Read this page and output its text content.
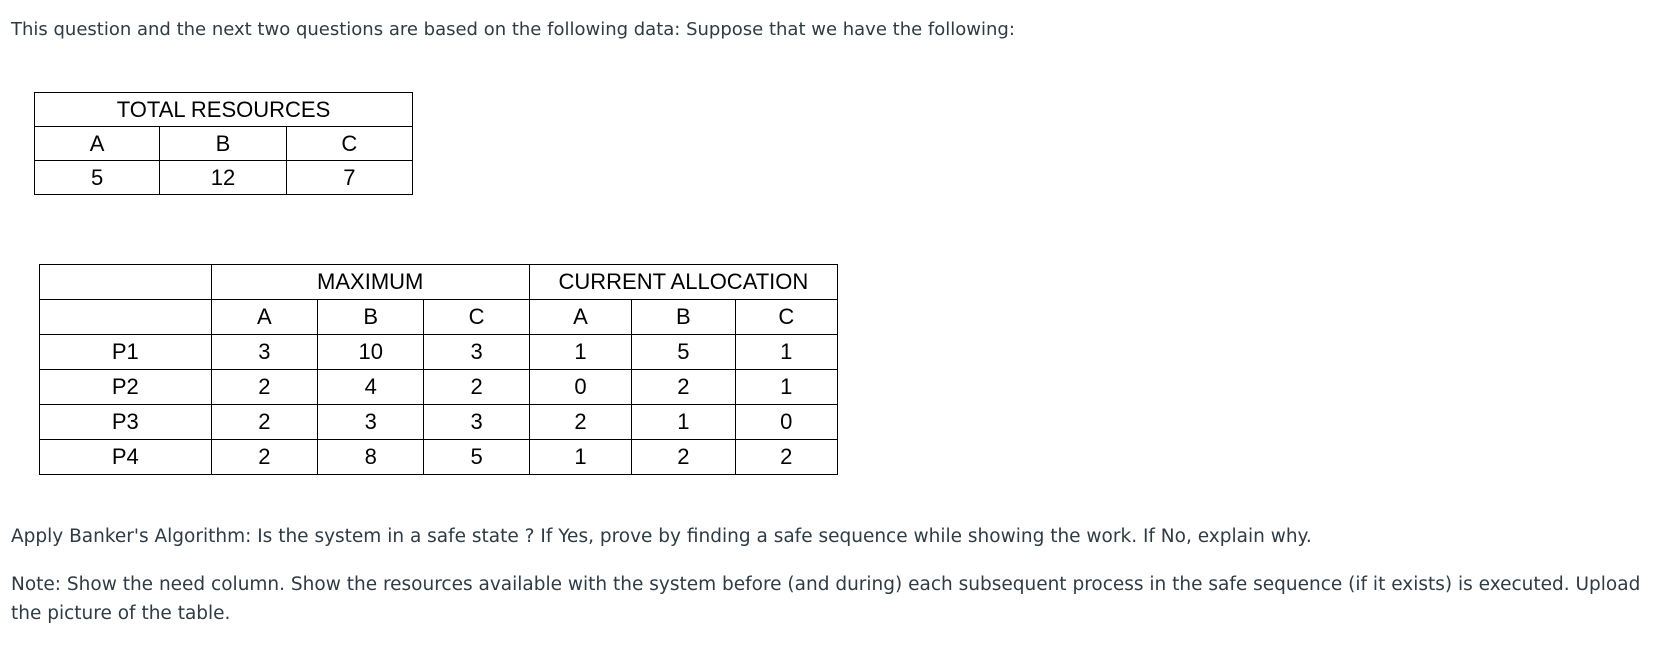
This question and the next two questions are based on the following data: Suppose that we have the following:

TOTAL RESOURCES		
A	B	C
5	12	7
	MAXIMUM			CURRENT ALLOCATION		
	A	B	C	A	B	C
P1	3	10	3	1	5	1
P2	2	4	2	0	2	1
P3	2	3	3	2	1	0
P4	2	8	5	1	2	2

Apply Banker's Algorithm: Is the system in a safe state ? If Yes, prove by finding a safe sequence while showing the work. If No, explain why.

Note: Show the need column. Show the resources available with the system before (and during) each subsequent process in the safe sequence (if it exists) is executed. Upload the picture of the table.
